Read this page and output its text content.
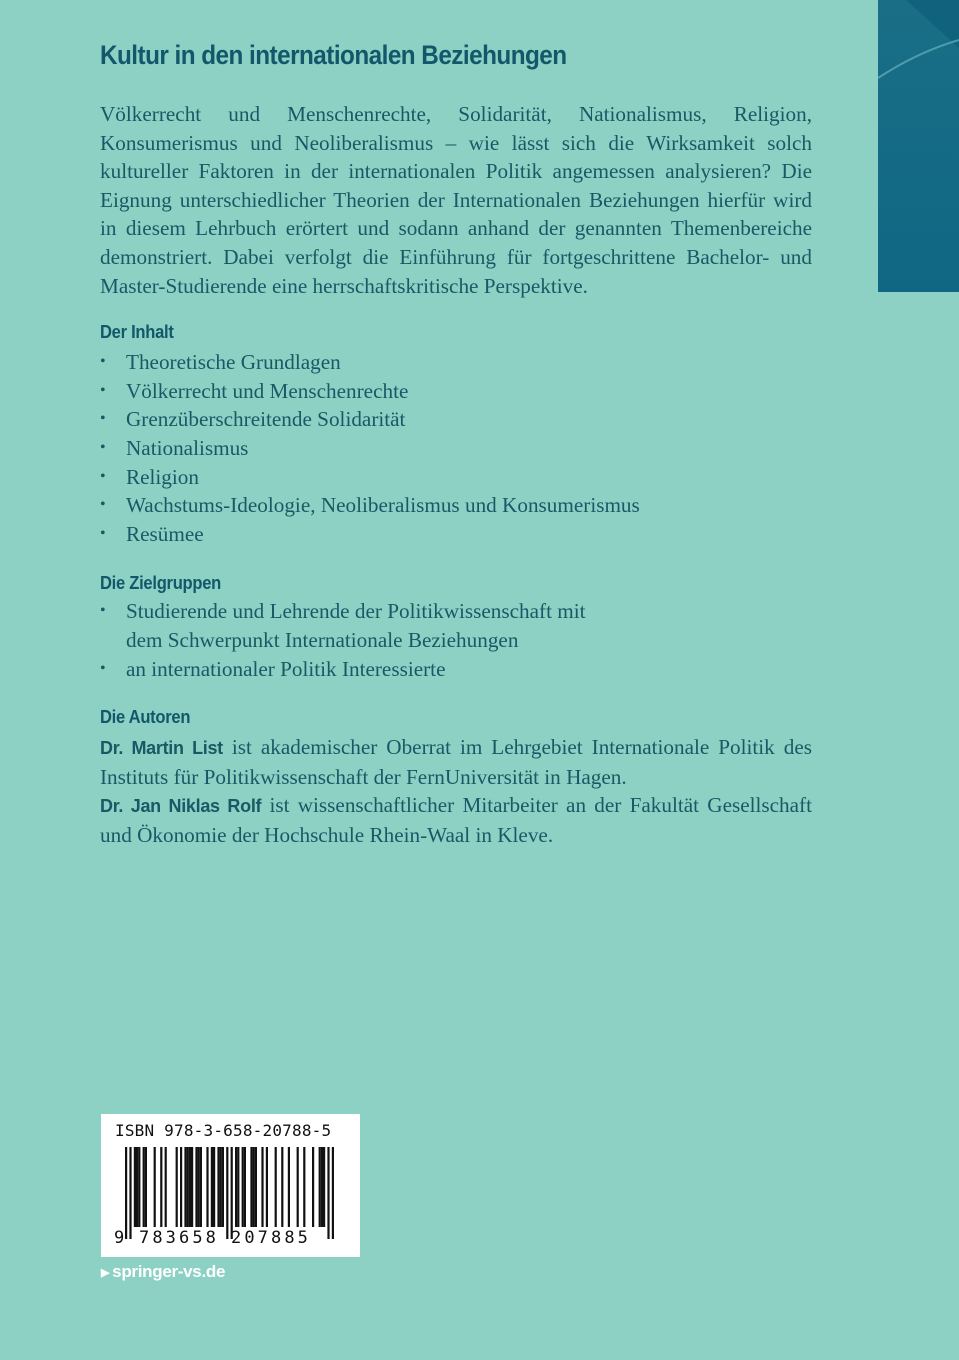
Kultur in den internationalen Beziehungen

Völkerrecht und Menschenrechte, Solidarität, Nationalismus, Religion, Konsumerismus und Neoliberalismus – wie lässt sich die Wirksamkeit solch kultureller Faktoren in der internationalen Politik angemessen analysieren? Die Eignung unterschiedlicher Theorien der Internationalen Beziehungen hierfür wird in diesem Lehrbuch erörtert und sodann anhand der genannten Themenbereiche demonstriert. Dabei verfolgt die Einführung für fortgeschrittene Bachelor- und Master-Studierende eine herrschaftskritische Perspektive.

Der Inhalt
• Theoretische Grundlagen
• Völkerrecht und Menschenrechte
• Grenzüberschreitende Solidarität
• Nationalismus
• Religion
• Wachstums-Ideologie, Neoliberalismus und Konsumerismus
• Resümee
Die Zielgruppen
• Studierende und Lehrende der Politikwissenschaft mit dem Schwerpunkt Internationale Beziehungen
• an internationaler Politik Interessierte
Die Autoren

Dr. Martin List ist akademischer Oberrat im Lehrgebiet Internationale Politik des Instituts für Politikwissenschaft der FernUniversität in Hagen.
Dr. Jan Niklas Rolf ist wissenschaftlicher Mitarbeiter an der Fakultät Gesellschaft und Ökonomie der Hochschule Rhein-Waal in Kleve.

ISBN 978-3-658-20788-5
9 783658 207885
▶ springer-vs.de
